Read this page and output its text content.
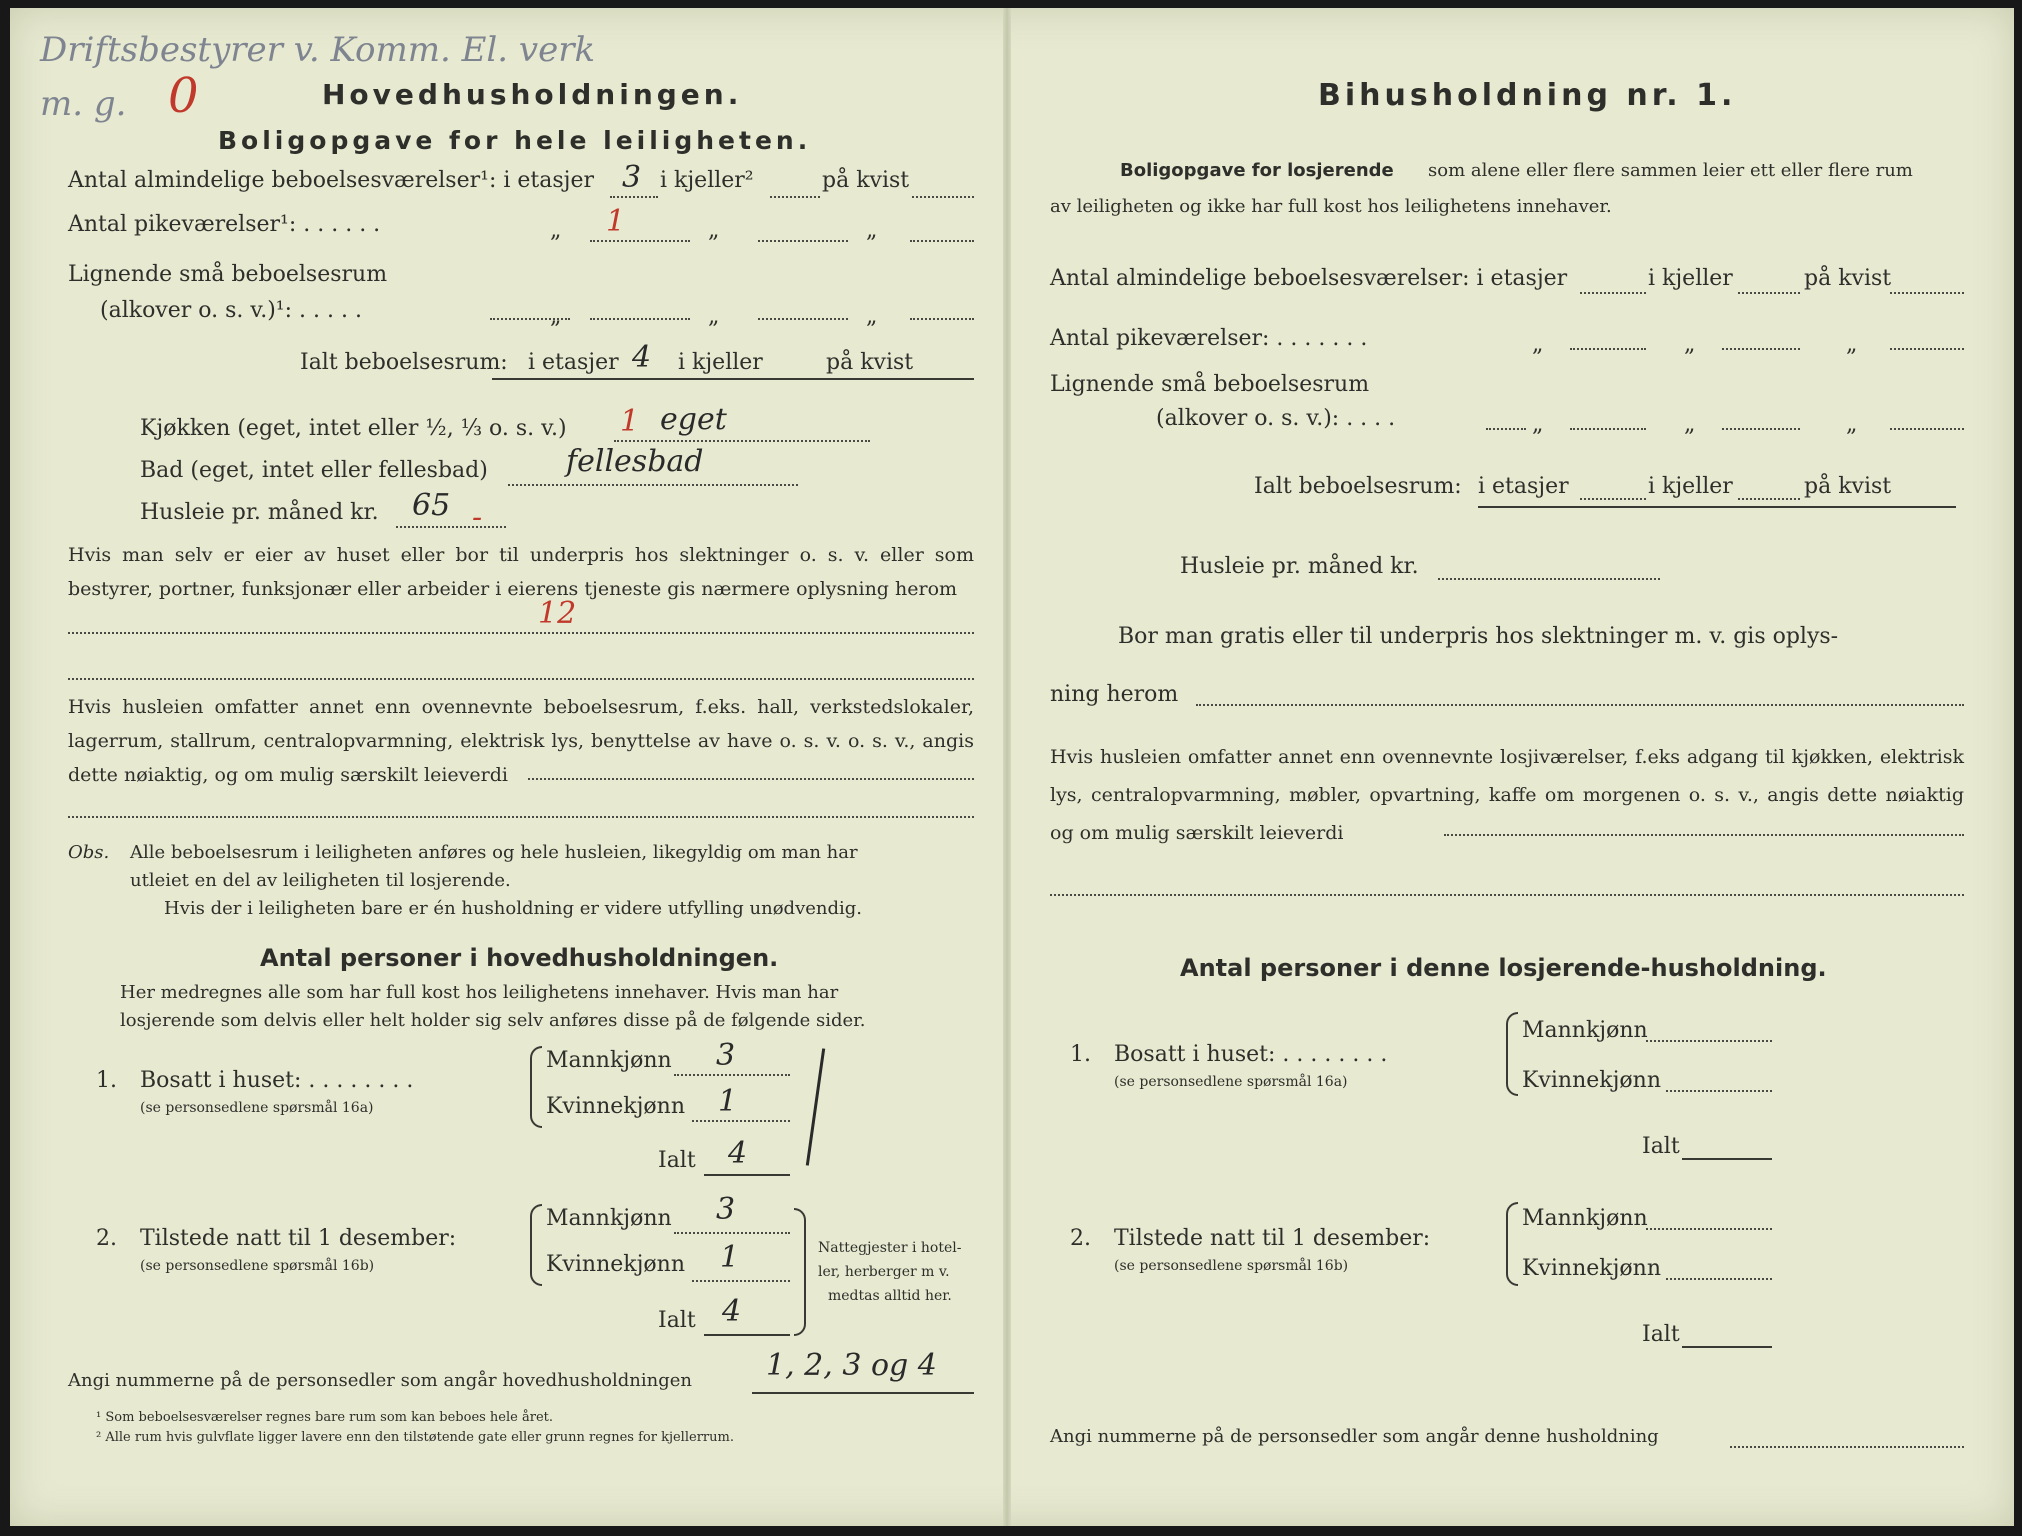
Driftsbestyrer v. Komm. El. verk
m. g. 0	Hovedhusholdningen.
Boligopgave for hele leiligheten.
Antal almindelige beboelsesværelser¹: i etasjer 3 i kjeller²	på kvist
Antal pikeværelser¹: . . . . . .	„ 1	„	„
Lignende små beboelsesrum
(alkover o. s. v.)¹: . . . . .	„	„	„
Ialt beboelsesrum: i etasjer 4 i kjeller	på kvist
Kjøkken (eget, intet eller ½, ⅓ o. s. v.) 1 eget
Bad (eget, intet eller fellesbad)	fellesbad
Husleie pr. måned kr. 65 -
Hvis man selv er eier av huset eller bor til underpris hos slektninger o. s. v. eller som bestyrer, portner, funksjonær eller arbeider i eierens tjeneste gis nærmere oplysning herom
12
Hvis husleien omfatter annet enn ovennevnte beboelsesrum, f.eks. hall, verkstedslokaler, lagerrum, stallrum, centralopvarmning, elektrisk lys, benyttelse av have o. s. v. o. s. v., angis dette nøiaktig, og om mulig særskilt leieverdi
Obs. Alle beboelsesrum i leiligheten anføres og hele husleien, likegyldig om man har
utleiet en del av leiligheten til losjerende.
Hvis der i leiligheten bare er én husholdning er videre utfylling unødvendig.
Antal personer i hovedhusholdningen.
Her medregnes alle som har full kost hos leilighetens innehaver. Hvis man har
losjerende som delvis eller helt holder sig selv anføres disse på de følgende sider.
1. Bosatt i huset: . . . . . . . .
(se personsedlene spørsmål 16a)
Mannkjønn 3
Kvinnekjønn 1
Ialt 4
2. Tilstede natt til 1 desember:
(se personsedlene spørsmål 16b)
Mannkjønn 3
Kvinnekjønn 1
Ialt 4
Nattegjester i hotel-
ler, herberger m v.
medtas alltid her.
Angi nummerne på de personsedler som angår hovedhusholdningen 1, 2, 3 og 4
¹ Som beboelsesværelser regnes bare rum som kan beboes hele året.
² Alle rum hvis gulvflate ligger lavere enn den tilstøtende gate eller grunn regnes for kjellerrum.
Bihusholdning nr. 1.
Boligopgave for losjerende som alene eller flere sammen leier ett eller flere rum
av leiligheten og ikke har full kost hos leilighetens innehaver.
Antal almindelige beboelsesværelser: i etasjer	i kjeller	på kvist
Antal pikeværelser: . . . . . . .	„	„	„
Lignende små beboelsesrum
(alkover o. s. v.): . . . .	„	„	„
Ialt beboelsesrum: i etasjer	i kjeller	på kvist
Husleie pr. måned kr.
Bor man gratis eller til underpris hos slektninger m. v. gis oplys-
ning herom
Hvis husleien omfatter annet enn ovennevnte losjiværelser, f.eks adgang til kjøkken, elektrisk lys, centralopvarmning, møbler, opvartning, kaffe om morgenen o. s. v., angis dette nøiaktig og om mulig særskilt leieverdi
Antal personer i denne losjerende-husholdning.
1. Bosatt i huset: . . . . . . . .
(se personsedlene spørsmål 16a)
Mannkjønn
Kvinnekjønn
Ialt
2. Tilstede natt til 1 desember:
(se personsedlene spørsmål 16b)
Mannkjønn
Kvinnekjønn
Ialt
Angi nummerne på de personsedler som angår denne husholdning
